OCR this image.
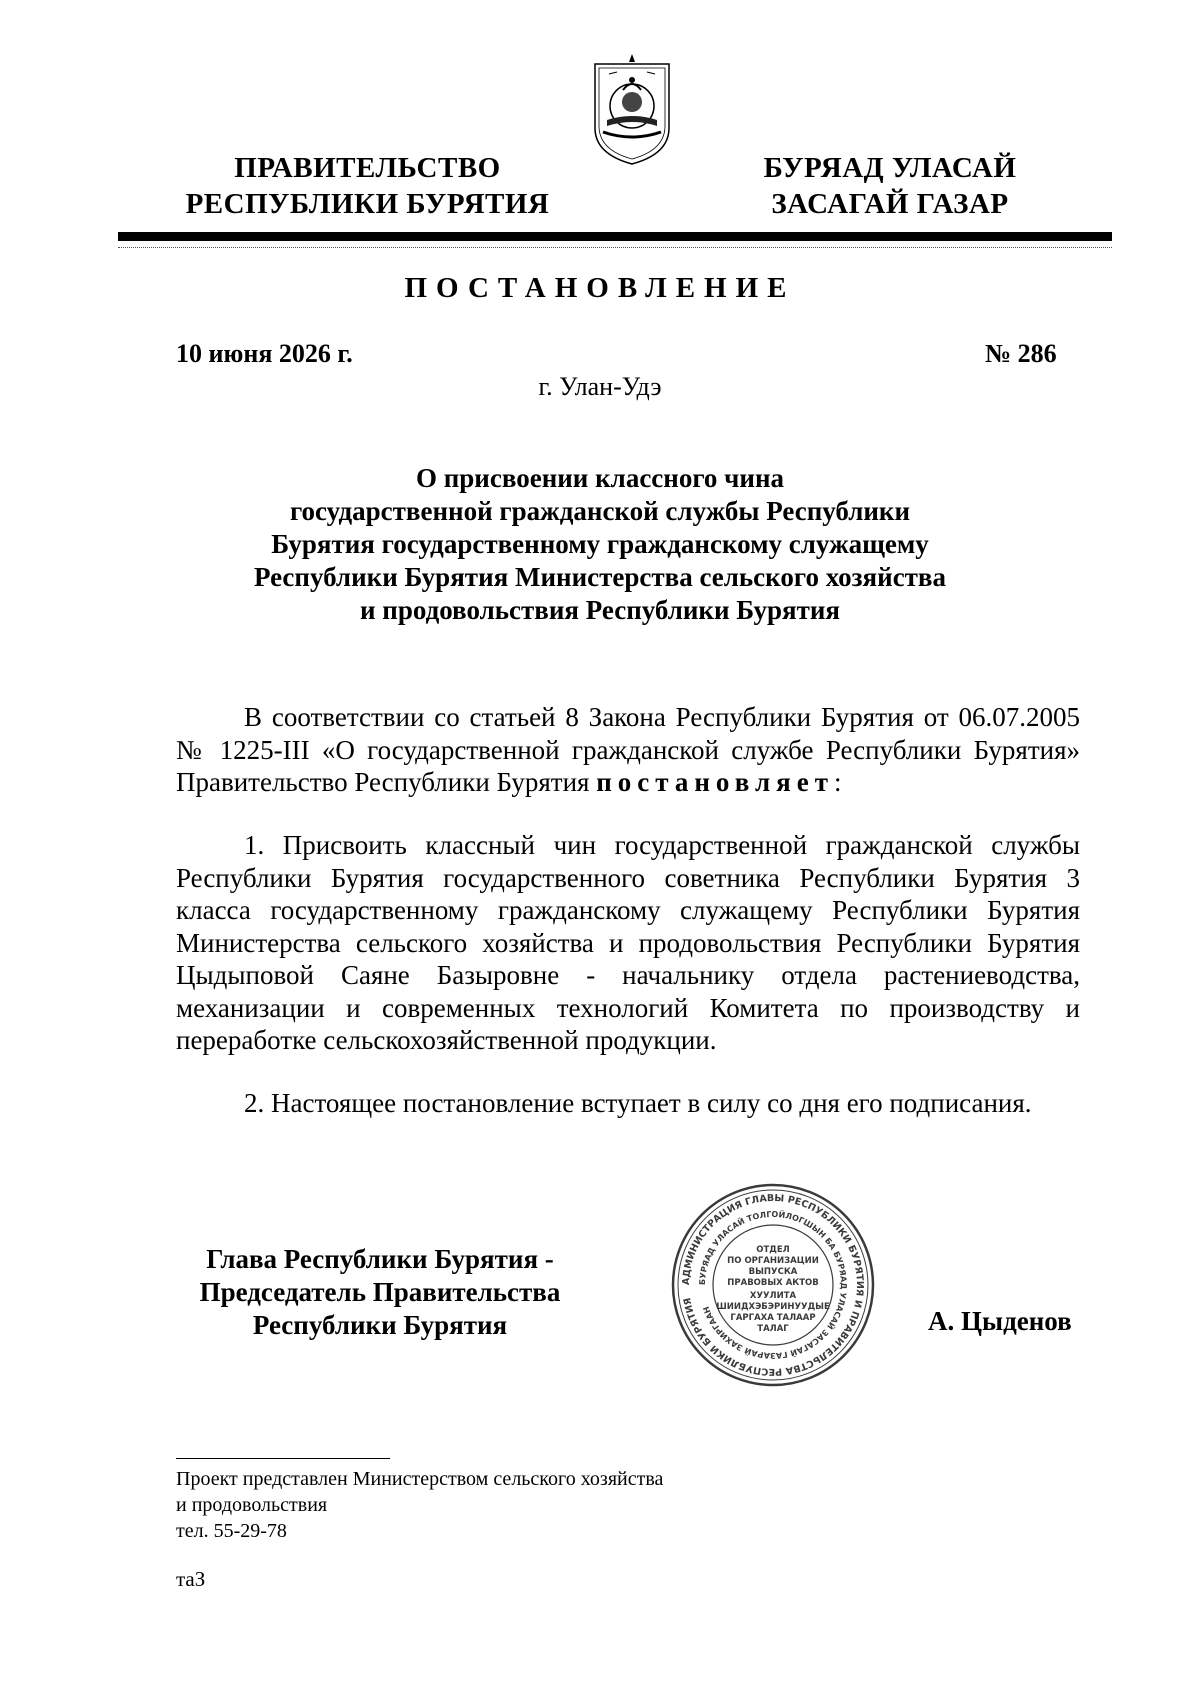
ПРАВИТЕЛЬСТВО
РЕСПУБЛИКИ БУРЯТИЯ
БУРЯАД УЛАСАЙ
ЗАСАГАЙ ГАЗАР
ПОСТАНОВЛЕНИЕ
10 июня 2026 г.	№ 286
г. Улан-Удэ
О присвоении классного чина
государственной гражданской службы Республики
Бурятия государственному гражданскому служащему
Республики Бурятия Министерства сельского хозяйства
и продовольствия Республики Бурятия
В соответствии со статьей 8 Закона Республики Бурятия от 06.07.2005 № 1225-III «О государственной гражданской службе Республики Бурятия» Правительство Республики Бурятия постановляет:
1. Присвоить классный чин государственной гражданской службы Республики Бурятия государственного советника Республики Бурятия 3 класса государственному гражданскому служащему Республики Бурятия Министерства сельского хозяйства и продовольствия Республики Бурятия Цыдыповой Саяне Базыровне - начальнику отдела растениеводства, механизации и современных технологий Комитета по производству и переработке сельскохозяйственной продукции.
2. Настоящее постановление вступает в силу со дня его подписания.
Глава Республики Бурятия -
Председатель Правительства
Республики Бурятия
АДМИНИСТРАЦИЯ ГЛАВЫ РЕСПУБЛИКИ БУРЯТИЯ И ПРАВИТЕЛЬСТВА РЕСПУБЛИКИ БУРЯТИЯ
БУРЯАД УЛАСАЙ ТОЛГОЙЛОГШЫН БА БУРЯАД УЛАСАЙ ЗАСАГАЙ ГАЗАРАЙ ЗАХИРГААН
ОТДЕЛ
ПО ОРГАНИЗАЦИИ
ВЫПУСКА
ПРАВОВЫХ АКТОВ
ХУУЛИТА
ШИИДХЭБЭРИНУУДЫЕ
ГАРГАХА ТАЛААР
ТАЛАГ	А. Цыденов
Проект представлен Министерством сельского хозяйства
и продовольствия
тел. 55-29-78
таЗ
